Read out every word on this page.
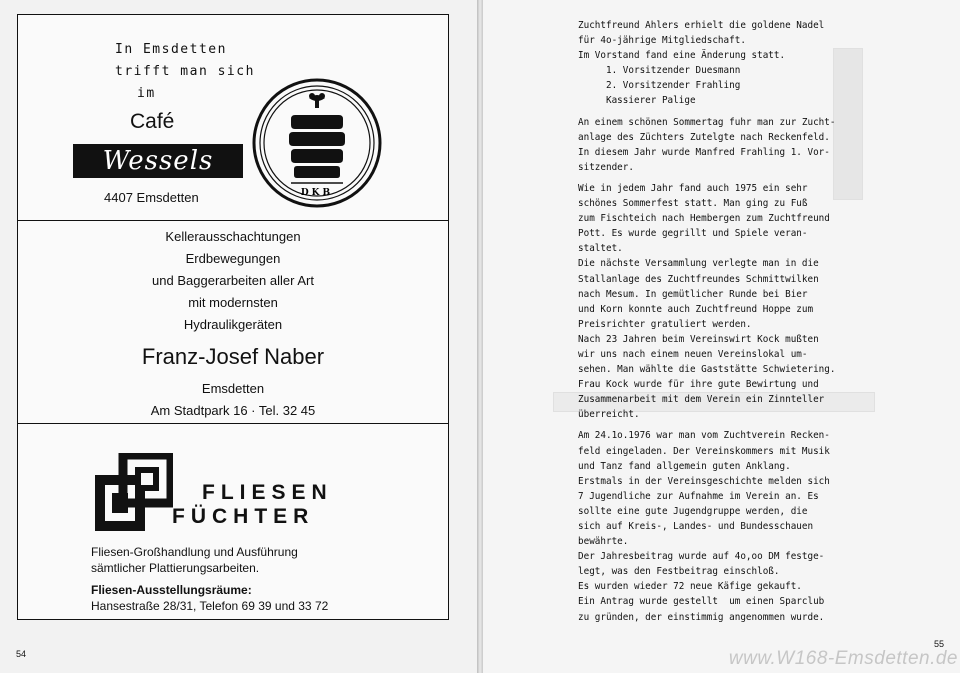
In Emsdetten
trifft man sich
im
Café
Wessels
4407 Emsdetten	DKB
Kellerausschachtungen
Erdbewegungen
und Baggerarbeiten aller Art
mit modernsten
Hydraulikgeräten
Franz-Josef Naber
Emsdetten
Am Stadtpark 16 · Tel. 32 45
FLIESEN
FÜCHTER
Fliesen-Großhandlung und Ausführung
sämtlicher Plattierungsarbeiten.
Fliesen-Ausstellungsräume:
Hansestraße 28/31, Telefon 69 39 und 33 72
54
Zuchtfreund Ahlers erhielt die goldene Nadel
für 4o-jährige Mitgliedschaft.
Im Vorstand fand eine Änderung statt.
1. Vorsitzender Duesmann
2. Vorsitzender Frahling
Kassierer Palige
An einem schönen Sommertag fuhr man zur Zucht-
anlage des Züchters Zutelgte nach Reckenfeld.
In diesem Jahr wurde Manfred Frahling 1. Vor-
sitzender.
Wie in jedem Jahr fand auch 1975 ein sehr
schönes Sommerfest statt. Man ging zu Fuß
zum Fischteich nach Hembergen zum Zuchtfreund
Pott. Es wurde gegrillt und Spiele veran-
staltet.
Die nächste Versammlung verlegte man in die
Stallanlage des Zuchtfreundes Schmittwilken
nach Mesum. In gemütlicher Runde bei Bier
und Korn konnte auch Zuchtfreund Hoppe zum
Preisrichter gratuliert werden.
Nach 23 Jahren beim Vereinswirt Kock mußten
wir uns nach einem neuen Vereinslokal um-
sehen. Man wählte die Gaststätte Schwietering.
Frau Kock wurde für ihre gute Bewirtung und
Zusammenarbeit mit dem Verein ein Zinnteller
überreicht.
Am 24.1o.1976 war man vom Zuchtverein Recken-
feld eingeladen. Der Vereinskommers mit Musik
und Tanz fand allgemein guten Anklang.
Erstmals in der Vereinsgeschichte melden sich
7 Jugendliche zur Aufnahme im Verein an. Es
sollte eine gute Jugendgruppe werden, die
sich auf Kreis-, Landes- und Bundesschauen
bewährte.
Der Jahresbeitrag wurde auf 4o,oo DM festge-
legt, was den Festbeitrag einschloß.
Es wurden wieder 72 neue Käfige gekauft.
Ein Antrag wurde gestellt  um einen Sparclub
zu gründen, der einstimmig angenommen wurde.
55
www.W168-Emsdetten.de
